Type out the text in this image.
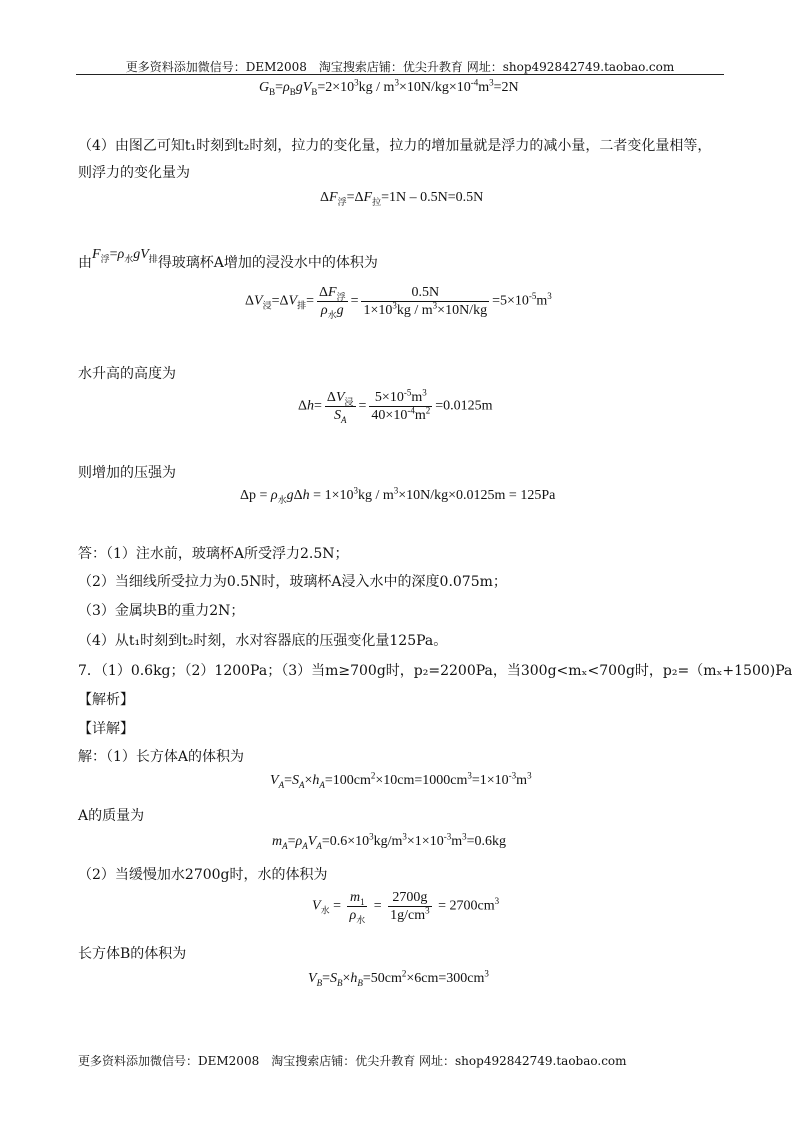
更多资料添加微信号：DEM2008　淘宝搜索店铺：优尖升教育 网址：shop492842749.taobao.com
$G_B=\rho_BgV_B=2\times 10^3kg / m^3\times 10N/kg\times 10^{-4}m^3=2N$
（4）由图乙可知t₁时刻到t₂时刻，拉力的变化量，拉力的增加量就是浮力的减小量，二者变化量相等，
则浮力的变化量为
$\Delta F_浮=\Delta F_拉=1N - 0.5N=0.5N$
由$F_浮=\rho_水gV_排$得玻璃杯A增加的浸没水中的体积为
$\Delta V_浸=\Delta V_排= \frac{\Delta F_浮}{\rho_水g} = \frac{0.5N}{1\times 10^3kg / m^3\times 10N/kg} =5\times 10^{-5}m^3$
水升高的高度为
$\Delta h= \frac{\Delta V_浸}{S_A} = \frac{5\times 10^{-5}m^3}{40\times 10^{-4}m^2} =0.0125m$
则增加的压强为
$\Delta p = \rho_水g\Delta h = 1\times 10^3kg / m^3\times 10N/kg\times 0.0125m = 125Pa$
答：（1）注水前，玻璃杯A所受浮力2.5N；
（2）当细线所受拉力为0.5N时，玻璃杯A浸入水中的深度0.075m；
（3）金属块B的重力2N；
（4）从t₁时刻到t₂时刻，水对容器底的压强变化量125Pa。
7．（1）0.6kg；（2）1200Pa；（3）当m≥700g时，p₂=2200Pa，当300g<mₓ<700g时，p₂=（mₓ+1500)Pa
【解析】
【详解】
解：（1）长方体A的体积为
$V_A=S_A\times h_A=100cm^2\times 10cm=1000cm^3=1\times 10^{-3}m^3$
A的质量为
$m_A=\rho_AV_A=0.6\times 10^3kg/m^3\times 1\times 10^{-3}m^3=0.6kg$
（2）当缓慢加水2700g时，水的体积为
$V_水 = \frac{m_1}{\rho_水} = \frac{2700g}{1g/cm^3} = 2700cm^3$
长方体B的体积为
$V_B=S_B\times h_B=50cm^2\times 6cm=300cm^3$
更多资料添加微信号：DEM2008　淘宝搜索店铺：优尖升教育 网址：shop492842749.taobao.com
